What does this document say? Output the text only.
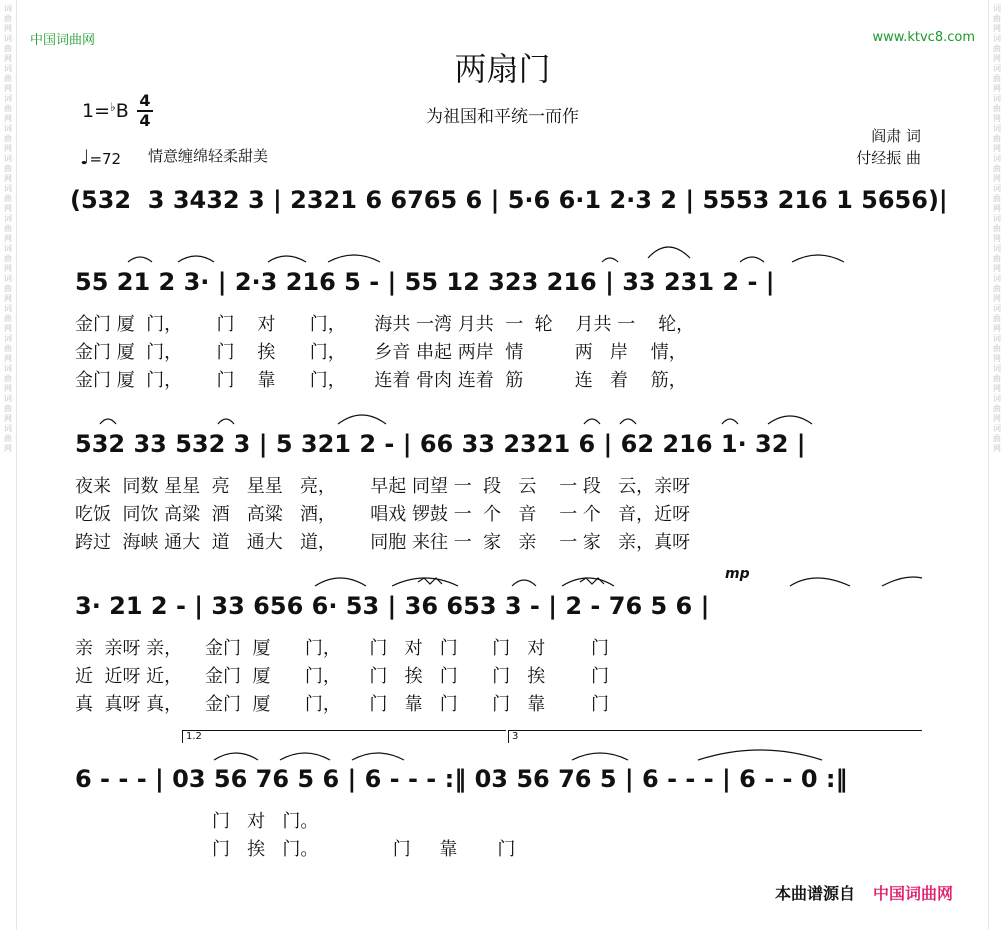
词曲网词曲网词曲网词曲网词曲网词曲网词曲网词曲网词曲网词曲网词曲网词曲网词曲网词曲网词曲网
词曲网词曲网词曲网词曲网词曲网词曲网词曲网词曲网词曲网词曲网词曲网词曲网词曲网词曲网词曲网
中国词曲网	www.ktvc8.com
两扇门
为祖国和平统一而作
1=♭B 4
4
♩=72 情意缠绵轻柔甜美
阎肃 词
付经振 曲
(532  3 3432 3 | 2321 6 6765 6 | 5·6 6·1 2·3 2 | 5553 216 1 5656)|
55 21 2 3· | 2·3 216 5 - | 55 12 323 216 | 33 231 2 - |
金门 厦  门，      门    对      门，     海共 一湾 月共  一  轮    月共 一    轮，
金门 厦  门，      门    挨      门，     乡音 串起 两岸  情         两   岸    情，
金门 厦  门，      门    靠      门，     连着 骨肉 连着  筋         连   着    筋，
532 33 532 3 | 5 321 2 - | 66 33 2321 6 | 62 216 1· 32 |
夜来  同数 星星  亮   星星   亮，      早起 同望 一  段   云    一 段   云，亲呀
吃饭  同饮 高粱  酒   高粱   酒，      唱戏 锣鼓 一  个   音    一 个   音，近呀
跨过  海峡 通大  道   通大   道，      同胞 来往 一  家   亲    一 家   亲，真呀
mp
3· 21 2 - | 33 656 6· 53 | 36 653 3 - | 2 - 76 5 6 |
亲  亲呀 亲，    金门  厦      门，     门   对   门      门   对        门
近  近呀 近，    金门  厦      门，     门   挨   门      门   挨        门
真  真呀 真，    金门  厦      门，     门   靠   门      门   靠        门
1.2	3
6 - - - | 03 56 76 5 6 | 6 - - - :‖ 03 56 76 5 | 6 - - - | 6 - - 0 :‖
门   对   门。
门   挨   门。             门     靠       门
本曲谱源自 中国词曲网
